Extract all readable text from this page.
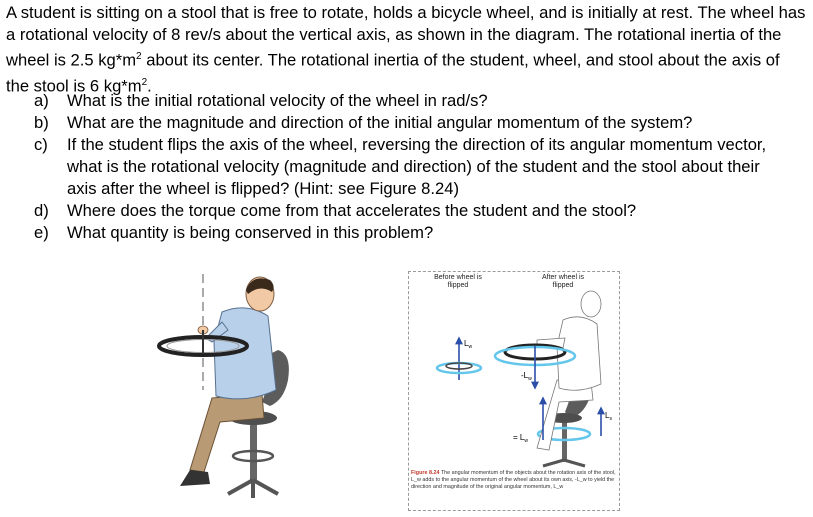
A student is sitting on a stool that is free to rotate, holds a bicycle wheel, and is initially at rest. The wheel has a rotational velocity of 8 rev/s about the vertical axis, as shown in the diagram. The rotational inertia of the wheel is 2.5 $kg*m^2$ about its center. The rotational inertia of the student, wheel, and stool about the axis of the stool is 6 $kg*m^2$.

a)	What is the initial rotational velocity of the wheel in rad/s?
b)	What are the magnitude and direction of the initial angular momentum of the system?
c)	If the student flips the axis of the wheel, reversing the direction of its angular momentum vector, what is the rotational velocity (magnitude and direction) of the student and the stool about their axis after the wheel is flipped? (Hint: see Figure 8.24)
d)	Where does the torque come from that accelerates the student and the stool?
e)	What quantity is being conserved in this problem?
Before wheel is flipped
After wheel is flipped
$L_w$
$-L_w$
$L_s$
= $L_w$
Figure 8.24 The angular momentum of the objects about the rotation axis of the stool, L_w adds to the angular momentum of the wheel about its own axis, -L_w to yield the direction and magnitude of the original angular momentum, L_w
